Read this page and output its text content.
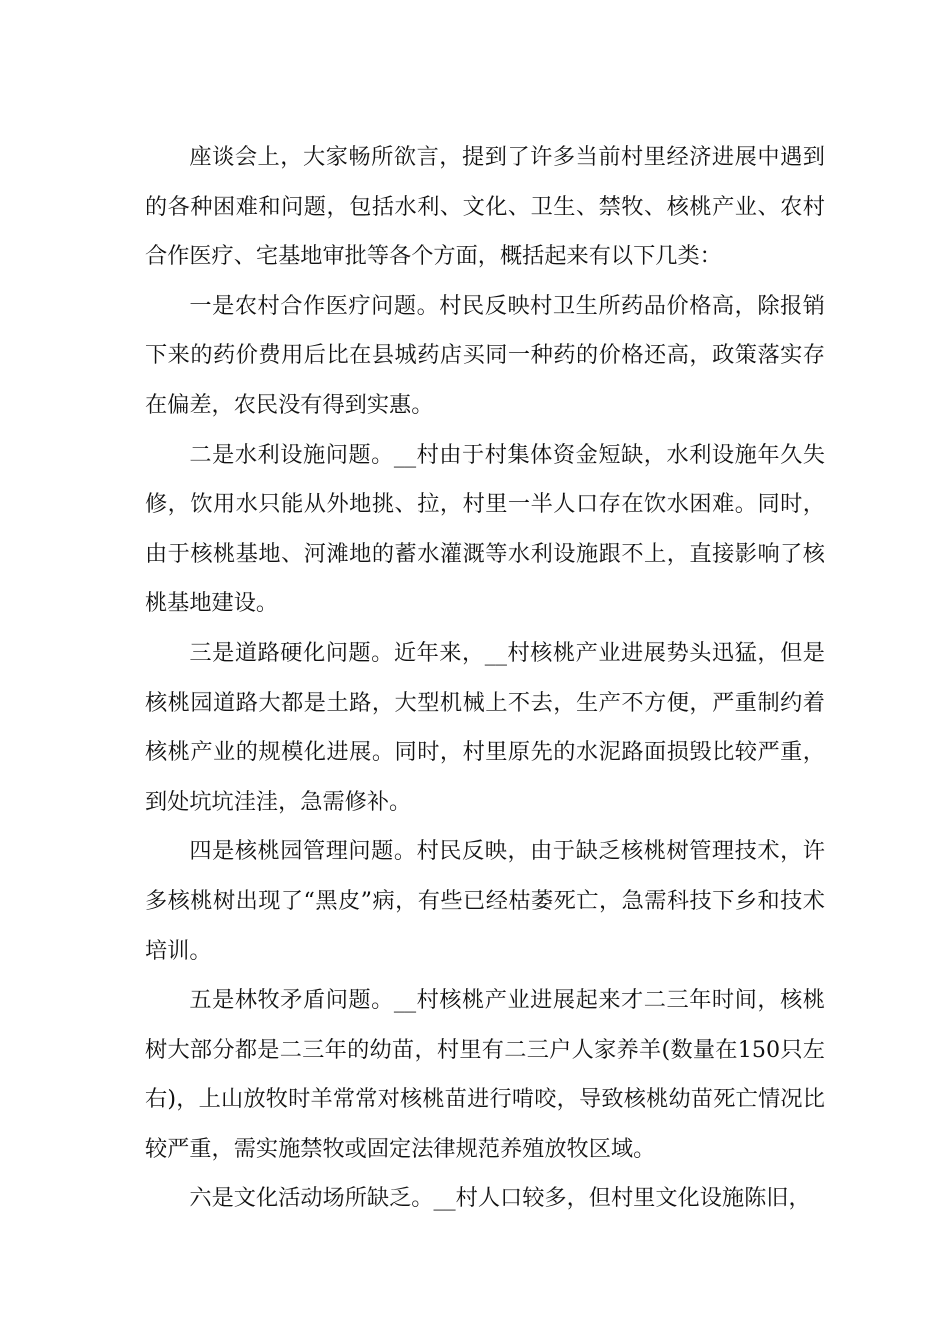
座谈会上，大家畅所欲言，提到了许多当前村里经济进展中遇到的各种困难和问题，包括水利、文化、卫生、禁牧、核桃产业、农村合作医疗、宅基地审批等各个方面，概括起来有以下几类：

一是农村合作医疗问题。村民反映村卫生所药品价格高，除报销下来的药价费用后比在县城药店买同一种药的价格还高，政策落实存在偏差，农民没有得到实惠。

二是水利设施问题。__村由于村集体资金短缺，水利设施年久失修，饮用水只能从外地挑、拉，村里一半人口存在饮水困难。同时，由于核桃基地、河滩地的蓄水灌溉等水利设施跟不上，直接影响了核桃基地建设。

三是道路硬化问题。近年来，__村核桃产业进展势头迅猛，但是核桃园道路大都是土路，大型机械上不去，生产不方便，严重制约着核桃产业的规模化进展。同时，村里原先的水泥路面损毁比较严重，到处坑坑洼洼，急需修补。

四是核桃园管理问题。村民反映，由于缺乏核桃树管理技术，许多核桃树出现了“黑皮”病，有些已经枯萎死亡，急需科技下乡和技术培训。

五是林牧矛盾问题。__村核桃产业进展起来才二三年时间，核桃树大部分都是二三年的幼苗，村里有二三户人家养羊(数量在150只左右)，上山放牧时羊常常对核桃苗进行啃咬，导致核桃幼苗死亡情况比较严重，需实施禁牧或固定法律规范养殖放牧区域。

六是文化活动场所缺乏。__村人口较多，但村里文化设施陈旧，
